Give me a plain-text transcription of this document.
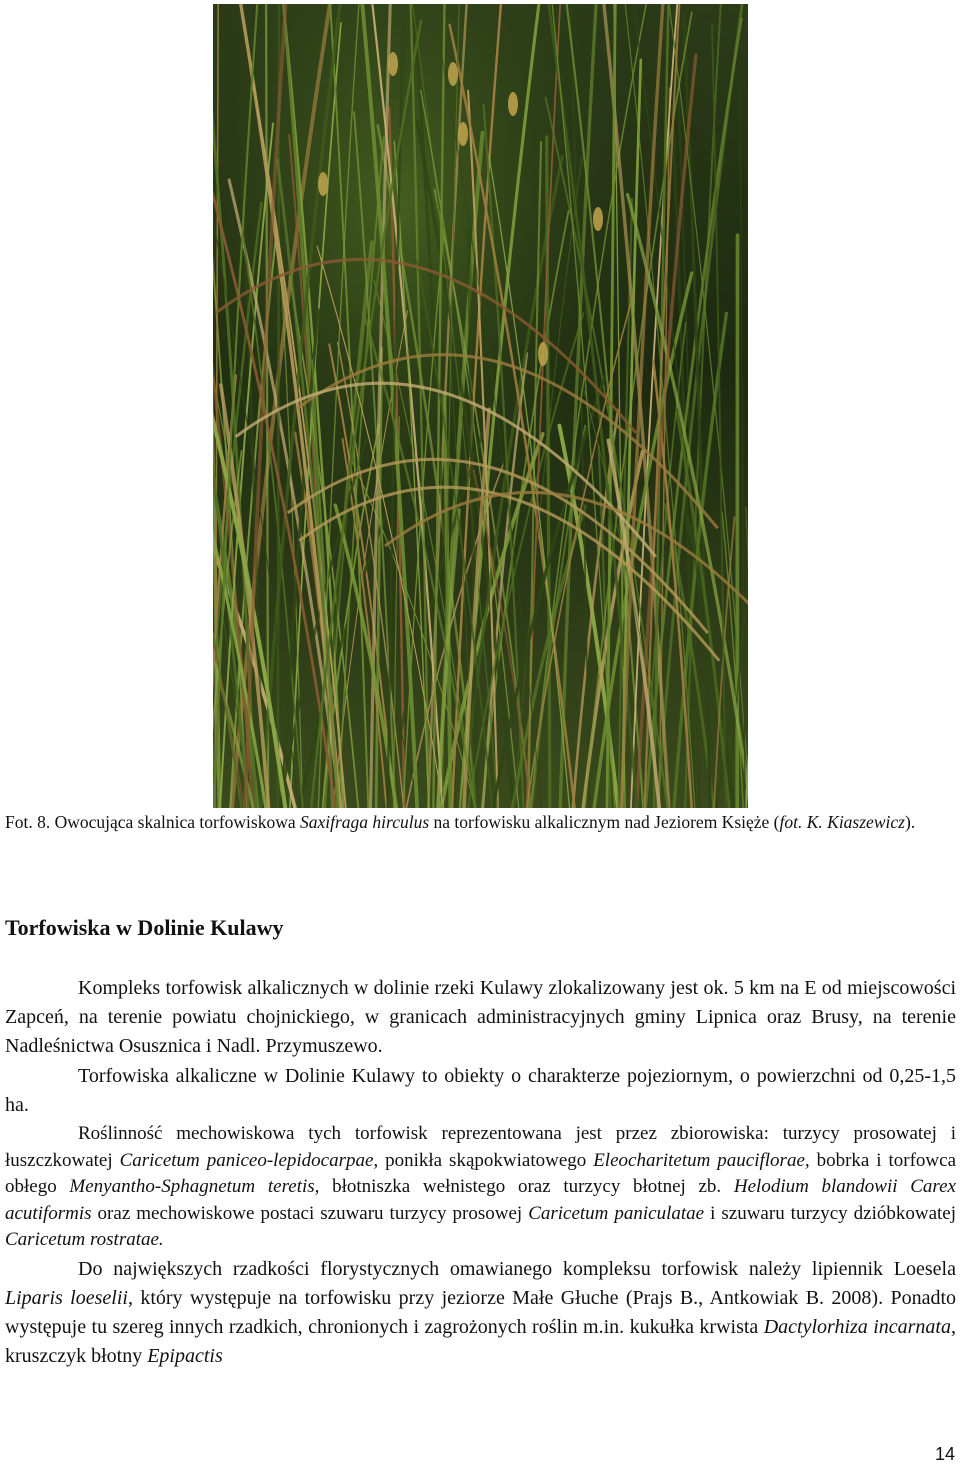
Fot. 8. Owocująca skalnica torfowiskowa Saxifraga hirculus na torfowisku alkalicznym nad Jeziorem Księże (fot. K. Kiaszewicz).
Torfowiska w Dolinie Kulawy

Kompleks torfowisk alkalicznych w dolinie rzeki Kulawy zlokalizowany jest ok. 5 km na E od miejscowości Zapceń, na terenie powiatu chojnickiego, w granicach administracyjnych gminy Lipnica oraz Brusy, na terenie Nadleśnictwa Osusznica i Nadl. Przymuszewo.

Torfowiska alkaliczne w Dolinie Kulawy to obiekty o charakterze pojeziornym, o powierzchni od 0,25-1,5 ha.

Roślinność mechowiskowa tych torfowisk reprezentowana jest przez zbiorowiska: turzycy prosowatej i łuszczkowatej Caricetum paniceo-lepidocarpae, ponikła skąpokwiatowego Eleocharitetum pauciflorae, bobrka i torfowca obłego Menyantho-Sphagnetum teretis, błotniszka wełnistego oraz turzycy błotnej zb. Helodium blandowii Carex acutiformis oraz mechowiskowe postaci szuwaru turzycy prosowej Caricetum paniculatae i szuwaru turzycy dzióbkowatej Caricetum rostratae.

Do największych rzadkości florystycznych omawianego kompleksu torfowisk należy lipiennik Loesela Liparis loeselii, który występuje na torfowisku przy jeziorze Małe Głuche (Prajs B., Antkowiak B. 2008). Ponadto występuje tu szereg innych rzadkich, chronionych i zagrożonych roślin m.in. kukułka krwista Dactylorhiza incarnata, kruszczyk błotny Epipactis

14
